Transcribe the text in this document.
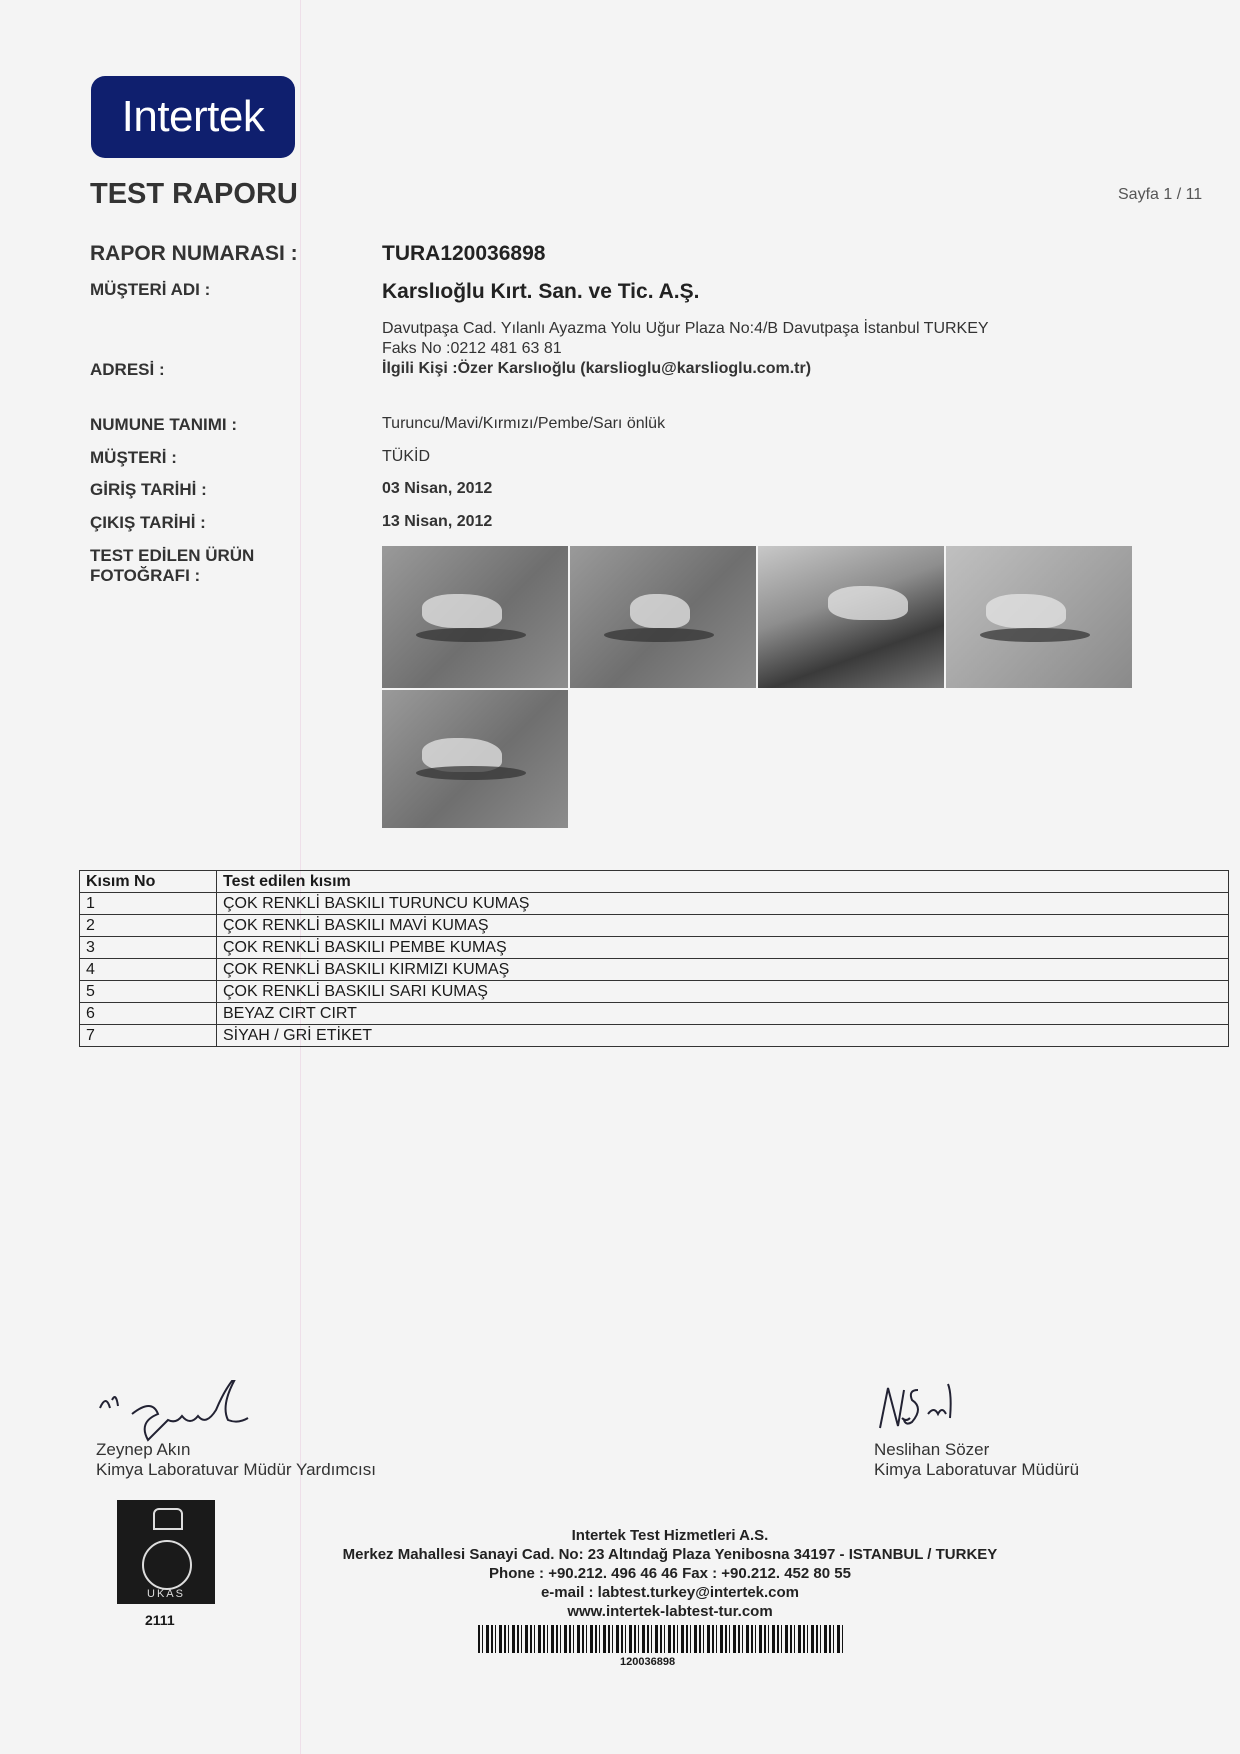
Intertek
TEST RAPORU	Sayfa 1 / 11
RAPOR NUMARASI :	TURA120036898
MÜŞTERİ ADI :	Karslıoğlu Kırt. San. ve Tic. A.Ş.
Davutpaşa Cad. Yılanlı Ayazma Yolu Uğur Plaza No:4/B Davutpaşa İstanbul TURKEY
Faks No :0212 481 63 81
ADRESİ :	İlgili Kişi :Özer Karslıoğlu (karslioglu@karslioglu.com.tr)
NUMUNE TANIMI :	Turuncu/Mavi/Kırmızı/Pembe/Sarı önlük
MÜŞTERİ :	TÜKİD
GİRİŞ TARİHİ :	03 Nisan, 2012
ÇIKIŞ TARİHİ :	13 Nisan, 2012
TEST EDİLEN ÜRÜN
FOTOĞRAFI :
Kısım No	Test edilen kısım
1	ÇOK RENKLİ BASKILI TURUNCU KUMAŞ
2	ÇOK RENKLİ BASKILI MAVİ KUMAŞ
3	ÇOK RENKLİ BASKILI PEMBE KUMAŞ
4	ÇOK RENKLİ BASKILI KIRMIZI KUMAŞ
5	ÇOK RENKLİ BASKILI SARI KUMAŞ
6	BEYAZ CIRT CIRT
7	SİYAH / GRİ ETİKET
Zeynep Akın
Kimya Laboratuvar Müdür Yardımcısı
Neslihan Sözer
Kimya Laboratuvar Müdürü
UKAS
2111
Intertek Test Hizmetleri A.S.
Merkez Mahallesi Sanayi Cad. No: 23 Altındağ Plaza Yenibosna 34197 - ISTANBUL / TURKEY
Phone : +90.212. 496 46 46 Fax : +90.212. 452 80 55
e-mail : labtest.turkey@intertek.com
www.intertek-labtest-tur.com
120036898
